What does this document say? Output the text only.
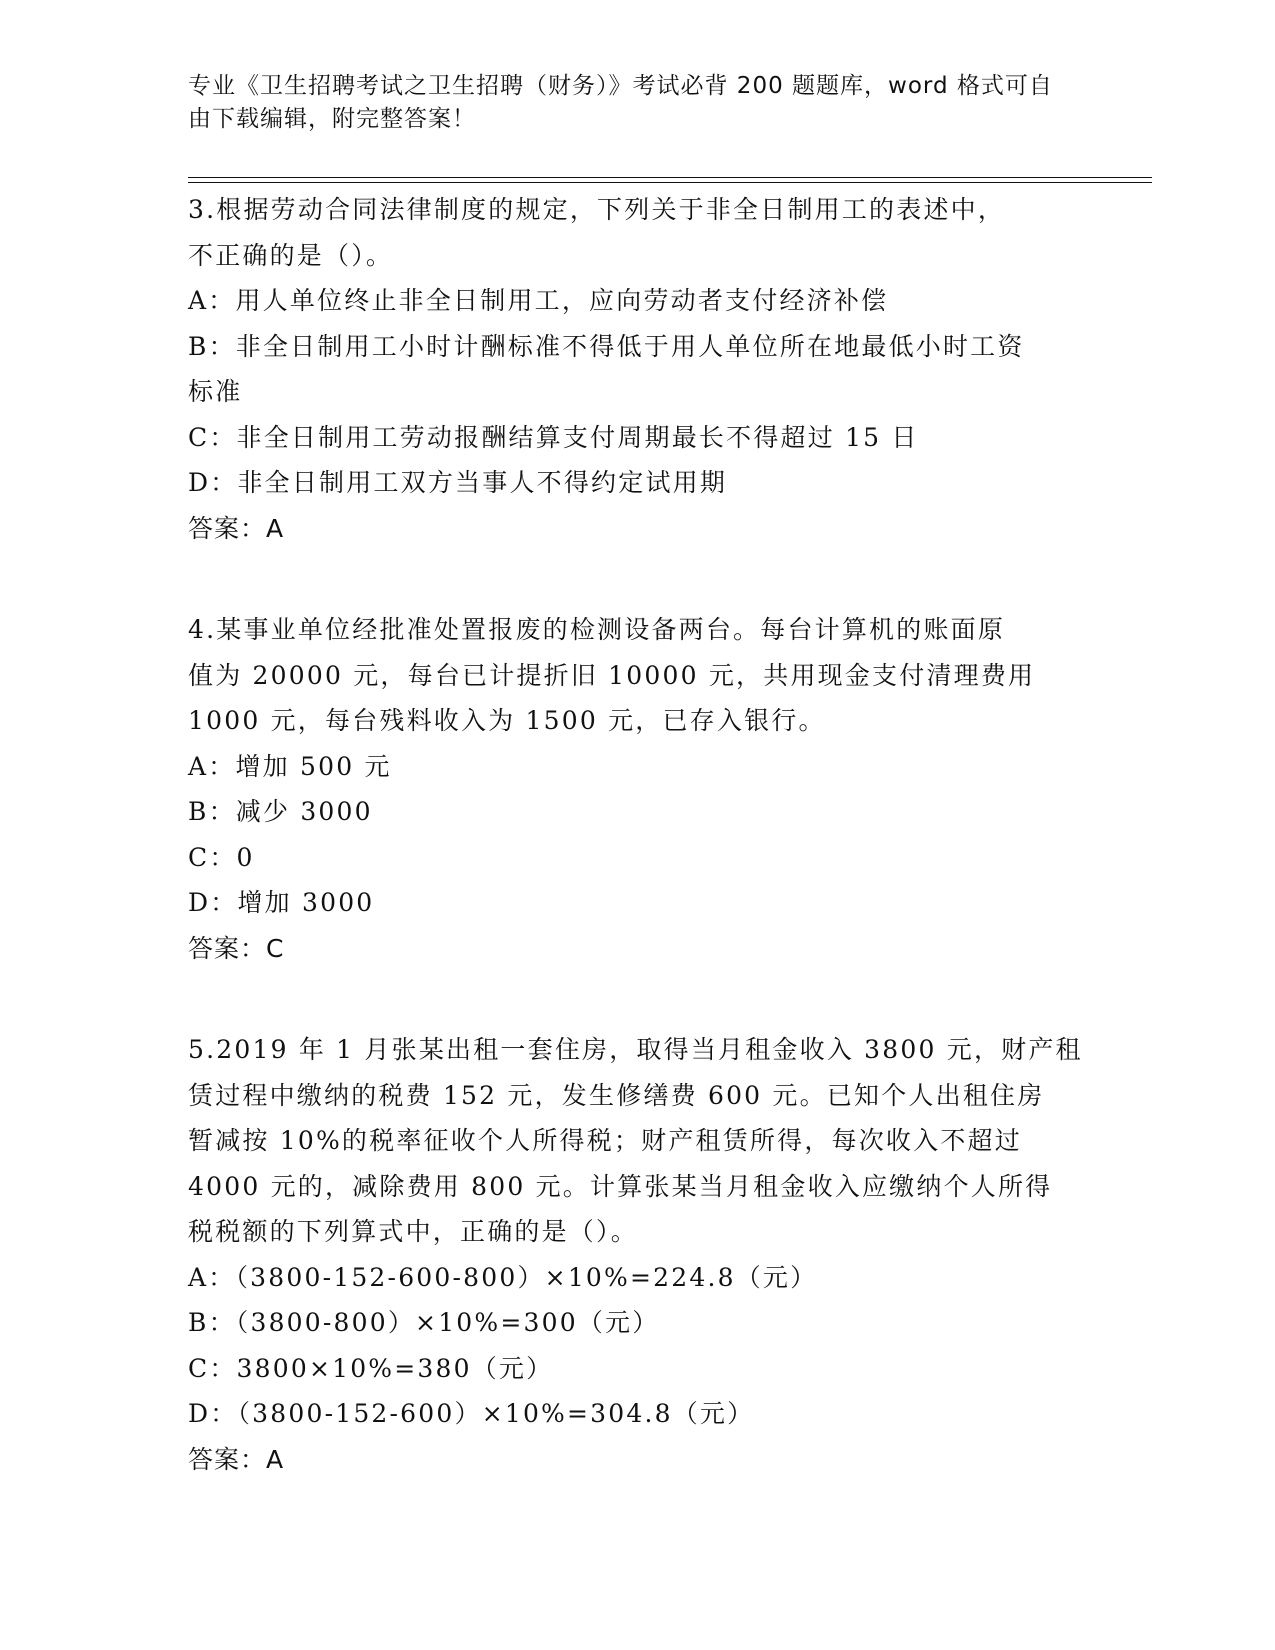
专业《卫生招聘考试之卫生招聘（财务）》考试必背 200 题题库，word 格式可自
由下载编辑，附完整答案！
3.根据劳动合同法律制度的规定，下列关于非全日制用工的表述中，
不正确的是（）。
A：用人单位终止非全日制用工，应向劳动者支付经济补偿
B：非全日制用工小时计酬标准不得低于用人单位所在地最低小时工资
标准
C：非全日制用工劳动报酬结算支付周期最长不得超过 15 日
D：非全日制用工双方当事人不得约定试用期
答案：A
4.某事业单位经批准处置报废的检测设备两台。每台计算机的账面原
值为 20000 元，每台已计提折旧 10000 元，共用现金支付清理费用
1000 元，每台残料收入为 1500 元，已存入银行。
A：增加 500 元
B：减少 3000
C：0
D：增加 3000
答案：C
5.2019 年 1 月张某出租一套住房，取得当月租金收入 3800 元，财产租
赁过程中缴纳的税费 152 元，发生修缮费 600 元。已知个人出租住房
暂减按 10%的税率征收个人所得税；财产租赁所得，每次收入不超过
4000 元的，减除费用 800 元。计算张某当月租金收入应缴纳个人所得
税税额的下列算式中，正确的是（）。
A：（3800-152-600-800）×10%=224.8（元）
B：（3800-800）×10%=300（元）
C：3800×10%=380（元）
D：（3800-152-600）×10%=304.8（元）
答案：A
